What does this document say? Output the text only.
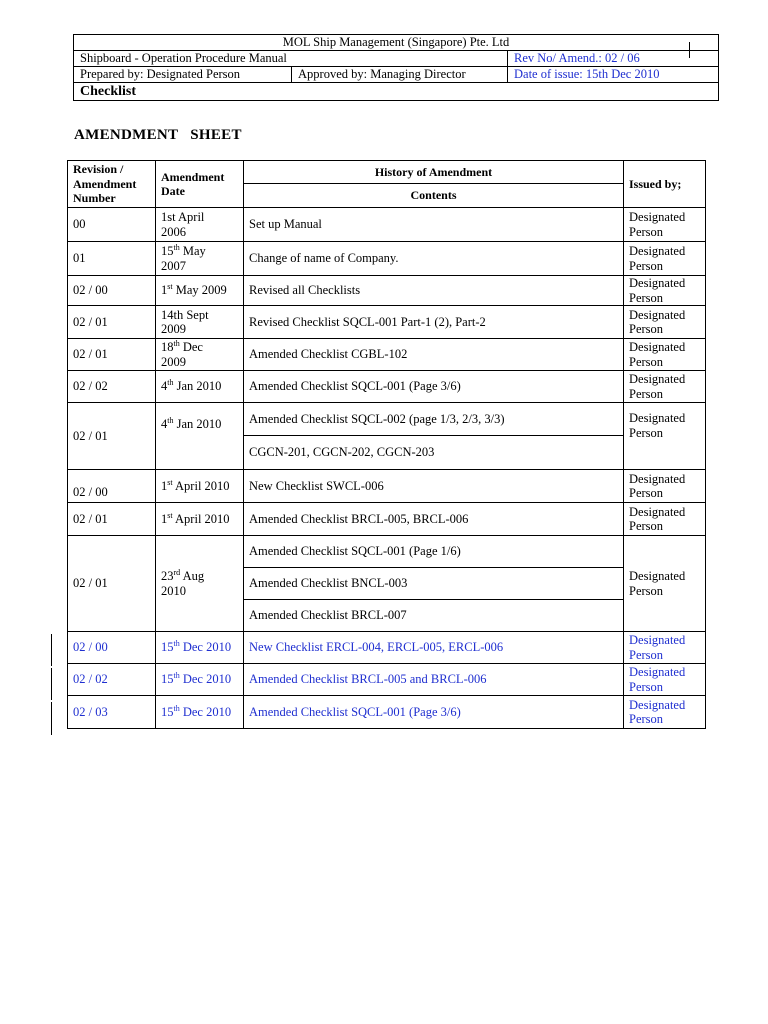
MOL Ship Management (Singapore) Pte. Ltd
Shipboard - Operation Procedure Manual	Rev No/ Amend.: 02 / 06
Prepared by: Designated Person	Approved by: Managing Director	Date of issue: 15th Dec 2010
Checklist
AMENDMENT   SHEET
Revision / Amendment Number	Amendment Date	History of Amendment	Issued by;
		Contents	
00	1st April 2006	Set up Manual	Designated Person
01	15th May 2007	Change of name of Company.	Designated Person
02 / 00	1st May 2009	Revised all Checklists	Designated Person
02 / 01	14th Sept 2009	Revised Checklist SQCL-001 Part-1 (2), Part-2	Designated Person
02 / 01	18th Dec 2009	Amended Checklist CGBL-102	Designated Person
02 / 02	4th Jan 2010	Amended Checklist SQCL-001 (Page 3/6)	Designated Person
02 / 01	4th Jan 2010	Amended Checklist SQCL-002 (page 1/3, 2/3, 3/3)	Designated Person
		CGCN-201, CGCN-202, CGCN-203	
02 / 00	1st April 2010	New Checklist SWCL-006	Designated Person
02 / 01	1st April 2010	Amended Checklist BRCL-005, BRCL-006	Designated Person
02 / 01	23rd Aug 2010	Amended Checklist SQCL-001 (Page 1/6)	Designated Person
		Amended Checklist BNCL-003	
		Amended Checklist BRCL-007	
02 / 00	15th Dec 2010	New Checklist ERCL-004, ERCL-005, ERCL-006	Designated Person
02 / 02	15th Dec 2010	Amended Checklist BRCL-005 and BRCL-006	Designated Person
02 / 03	15th Dec 2010	Amended Checklist SQCL-001 (Page 3/6)	Designated Person
